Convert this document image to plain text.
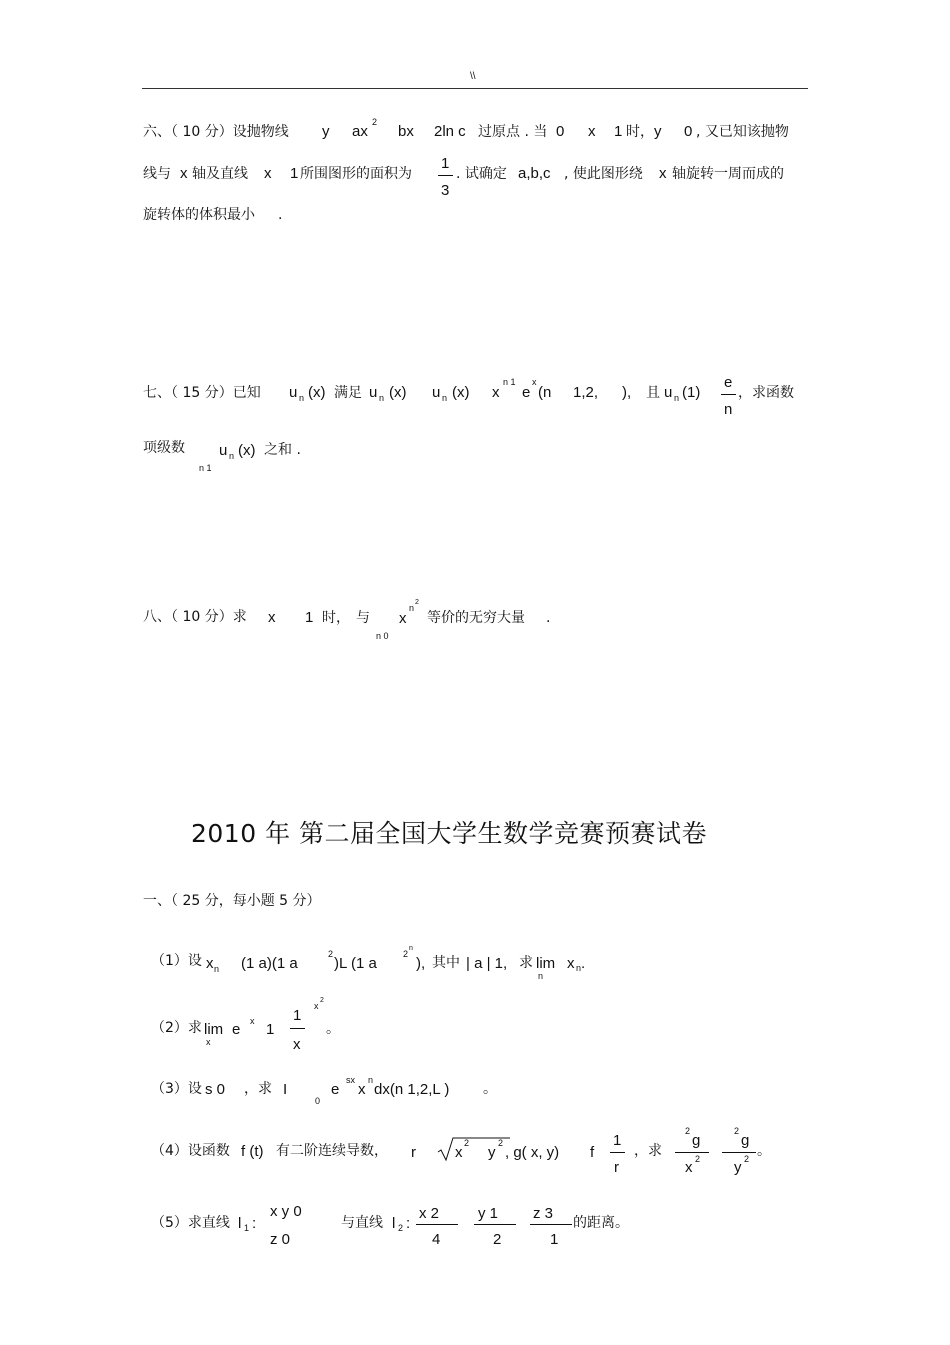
\\
六、（ 10 分）设抛物线 y ax
2
bx 2ln c 过原点 . 当 0 x 1 时， y 0 , 又已知该抛物
线与 x 轴及直线 x 1 所围图形的面积为
1
3
. 试确定 a,b,c , 使此图形绕 x 轴旋转一周而成的
旋转体的体积最小 .
七、（ 15 分）已知 u n (x) 满足 u n (x) u n (x) x
n 1
e
x
(n 1,2, ), 且 u n (1)
e
n
，求函数
项级数 u n (x) 之和 .
n 1
八、（ 10 分）求 x 1 时， 与 x
n
2
n 0
等价的无穷大量 .
2010 年 第二届全国大学生数学竞赛预赛试卷
一、（ 25 分，每小题 5 分）
（1）设 x n (1 a)(1 a
2
)L (1 a
2
n
), 其中 | a | 1, 求 lim
n
x n .
（2）求 lim
x
e x 1
1
x
x
2
。
（3）设 s 0 ，求 I
0
e
sx
x
n
dx(n 1,2,L ) 。
（4）设函数 f (t) 有二阶连续导数， r	x
2
y
2
, g( x, y) f
1
r
，求
2
g
x 2
2
g
y 2 。
（5）求直线 l 1 :
x y 0
z 0
与直线 l 2 :
x 2
4
y 1
2
z 3
1
的距离。
